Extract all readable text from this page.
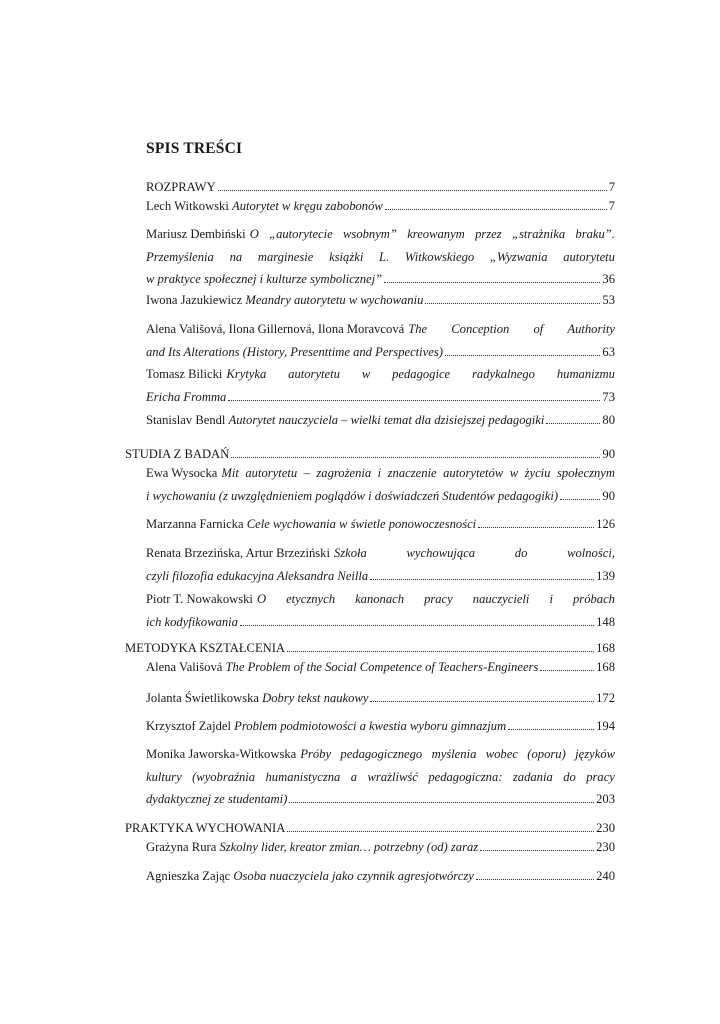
SPIS TREŚCI
ROZPRAWY	7
Lech Witkowski Autorytet w kręgu zabobonów	7
Mariusz Dembiński O „autorytecie wsobnym” kreowanym przez „strażnika braku”.
Przemyślenia na marginesie książki L. Witkowskiego „Wyzwania autorytetu
w praktyce społecznej i kulturze symbolicznej”	36
Iwona Jazukiewicz Meandry autorytetu w wychowaniu	53
Alena Vališová, Ilona Gillernová, Ilona Moravcová The Conception of Authority
and Its Alterations (History, Presenttime and Perspectives)	63
Tomasz Bilicki Krytyka autorytetu w pedagogice radykalnego humanizmu
Ericha Fromma	73
Stanislav Bendl Autorytet nauczyciela – wielki temat dla dzisiejszej pedagogiki	80
STUDIA Z BADAŃ	90
Ewa Wysocka Mit autorytetu – zagrożenia i znaczenie autorytetów w życiu społecznym
i wychowaniu (z uwzględnieniem poglądów i doświadczeń Studentów pedagogiki)	90
Marzanna Farnicka Cele wychowania w świetle ponowoczesności	126
Renata Brzezińska, Artur Brzeziński Szkoła	wychowująca	do	wolności,
czyli filozofia edukacyjna Aleksandra Neilla	139
Piotr T. Nowakowski O etycznych kanonach pracy nauczycieli i próbach
ich kodyfikowania	148
METODYKA KSZTAŁCENIA	168
Alena Vališová The Problem of the Social Competence of Teachers-Engineers	168
Jolanta Świetlikowska Dobry tekst naukowy	172
Krzysztof Zajdel Problem podmiotowości a kwestia wyboru gimnazjum	194
Monika Jaworska-Witkowska Próby pedagogicznego myślenia wobec (oporu) języków
kultury (wyobraźnia humanistyczna a wrażliwść pedagogiczna: zadania do pracy
dydaktycznej ze studentami)	203
PRAKTYKA WYCHOWANIA	230
Grażyna Rura Szkolny lider, kreator zmian… potrzebny (od) zaraz	230
Agnieszka Zając Osoba nuaczyciela jako czynnik agresjotwórczy	240
